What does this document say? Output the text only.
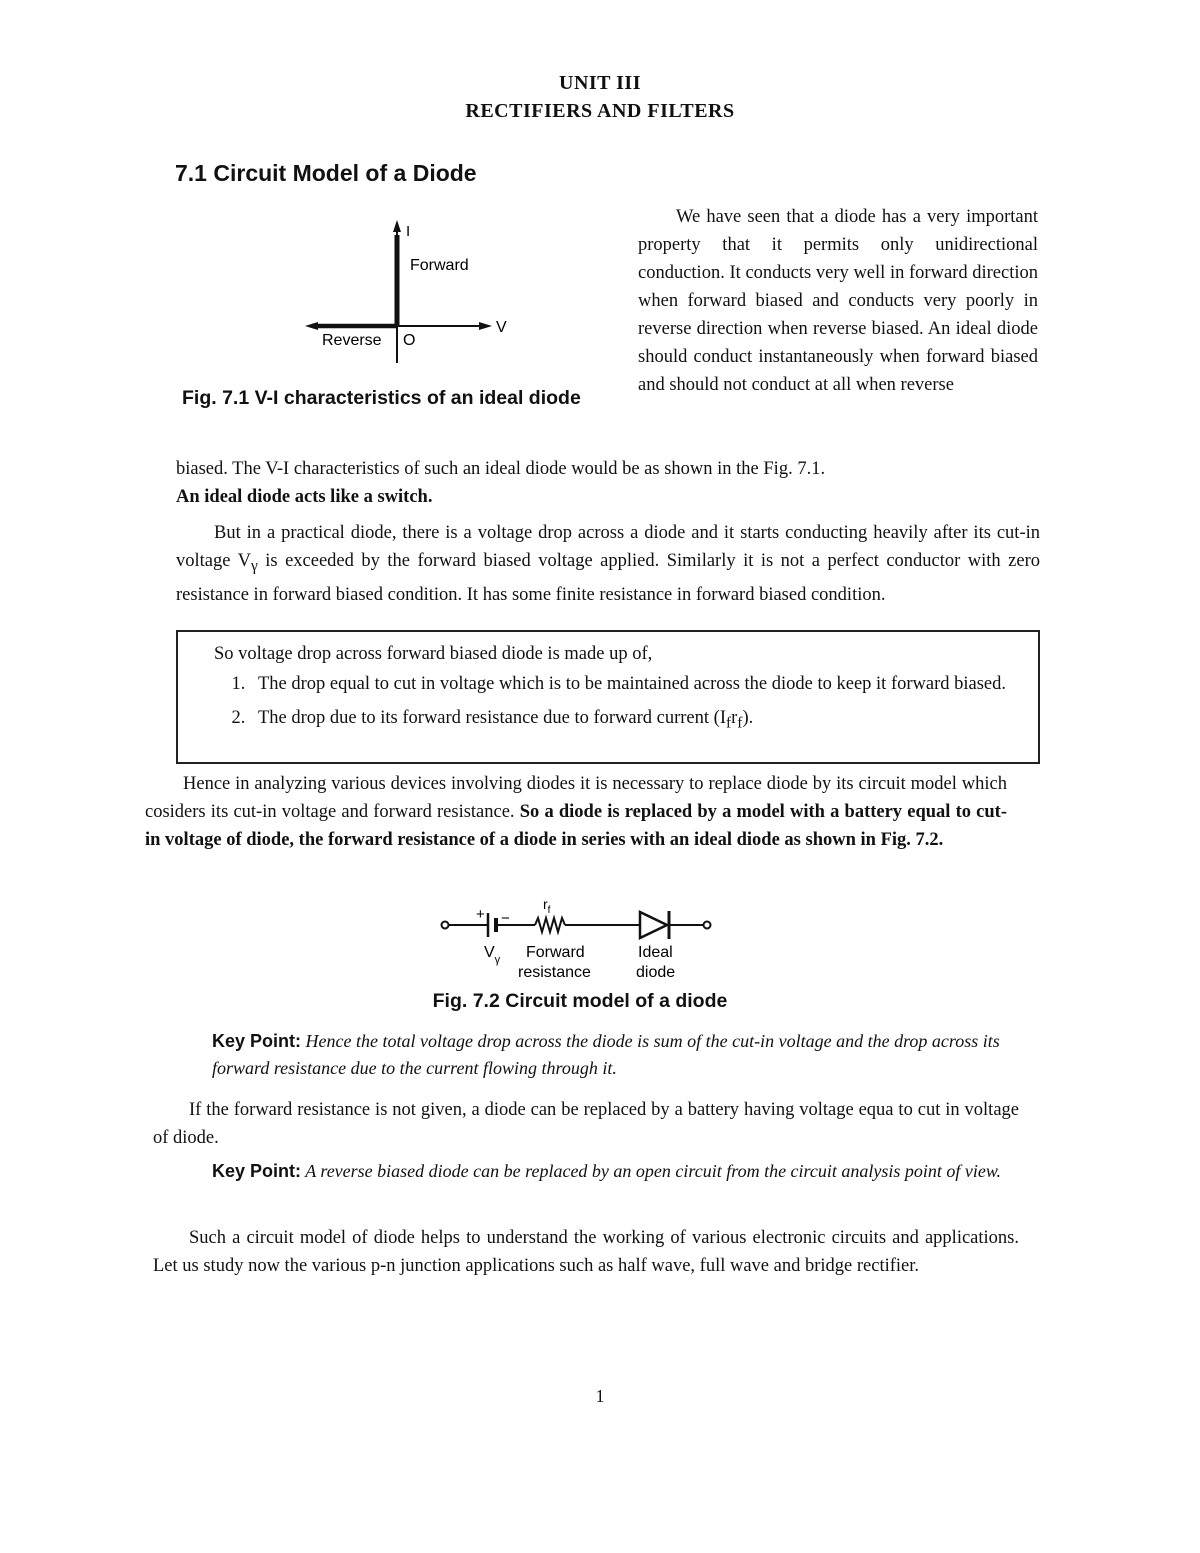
UNIT III
RECTIFIERS AND FILTERS
7.1 Circuit Model of a Diode
I
Forward
V
Reverse O
Fig. 7.1 V-I characteristics of an ideal diode

We have seen that a diode has a very important property that it permits only unidirectional conduction. It conducts very well in forward direction when forward biased and conducts very poorly in reverse direction when reverse biased. An ideal diode should conduct instantaneously when forward biased and should not conduct at all when reverse

biased. The V-I characteristics of such an ideal diode would be as shown in the Fig. 7.1.

An ideal diode acts like a switch.

But in a practical diode, there is a voltage drop across a diode and it starts conducting heavily after its cut-in voltage $V_\gamma$ is exceeded by the forward biased voltage applied. Similarly it is not a perfect conductor with zero resistance in forward biased condition. It has some finite resistance in forward biased condition.

So voltage drop across forward biased diode is made up of,
1. The drop equal to cut in voltage which is to be maintained across the diode to keep it forward biased.
2. The drop due to its forward resistance due to forward current $(I_fr_f)$.

Hence in analyzing various devices involving diodes it is necessary to replace diode by its circuit model which cosiders its cut-in voltage and forward resistance. So a diode is replaced by a model with a battery equal to cut-in voltage of diode, the forward resistance of a diode in series with an ideal diode as shown in Fig. 7.2.

+ −
$r_f$
$V_\gamma$ Forward
resistance
Ideal
diode
Fig. 7.2 Circuit model of a diode
Key Point: Hence the total voltage drop across the diode is sum of the cut-in voltage and the drop across its forward resistance due to the current flowing through it.

If the forward resistance is not given, a diode can be replaced by a battery having voltage equa to cut in voltage of diode.

Key Point: A reverse biased diode can be replaced by an open circuit from the circuit analysis point of view.

Such a circuit model of diode helps to understand the working of various electronic circuits and applications. Let us study now the various p-n junction applications such as half wave, full wave and bridge rectifier.

1
